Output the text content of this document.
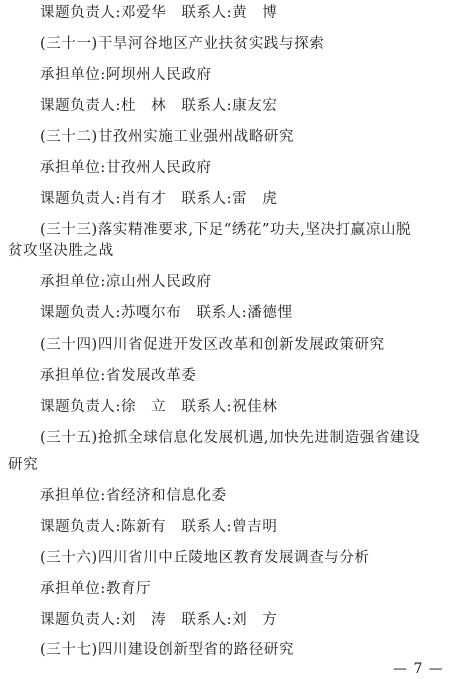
课题负责人:邓爱华　联系人:黄　博
(三十一)干旱河谷地区产业扶贫实践与探索
承担单位:阿坝州人民政府
课题负责人:杜　林　联系人:康友宏
(三十二)甘孜州实施工业强州战略研究
承担单位:甘孜州人民政府
课题负责人:肖有才　联系人:雷　虎
(三十三)落实精准要求,下足“绣花”功夫,坚决打赢凉山脱
贫攻坚决胜之战
承担单位:凉山州人民政府
课题负责人:苏嘎尔布　联系人:潘德悝
(三十四)四川省促进开发区改革和创新发展政策研究
承担单位:省发展改革委
课题负责人:徐　立　联系人:祝佳林
(三十五)抢抓全球信息化发展机遇,加快先进制造强省建设
研究
承担单位:省经济和信息化委
课题负责人:陈新有　联系人:曾吉明
(三十六)四川省川中丘陵地区教育发展调查与分析
承担单位:教育厅
课题负责人:刘　涛　联系人:刘　方
(三十七)四川建设创新型省的路径研究
— 7 —
